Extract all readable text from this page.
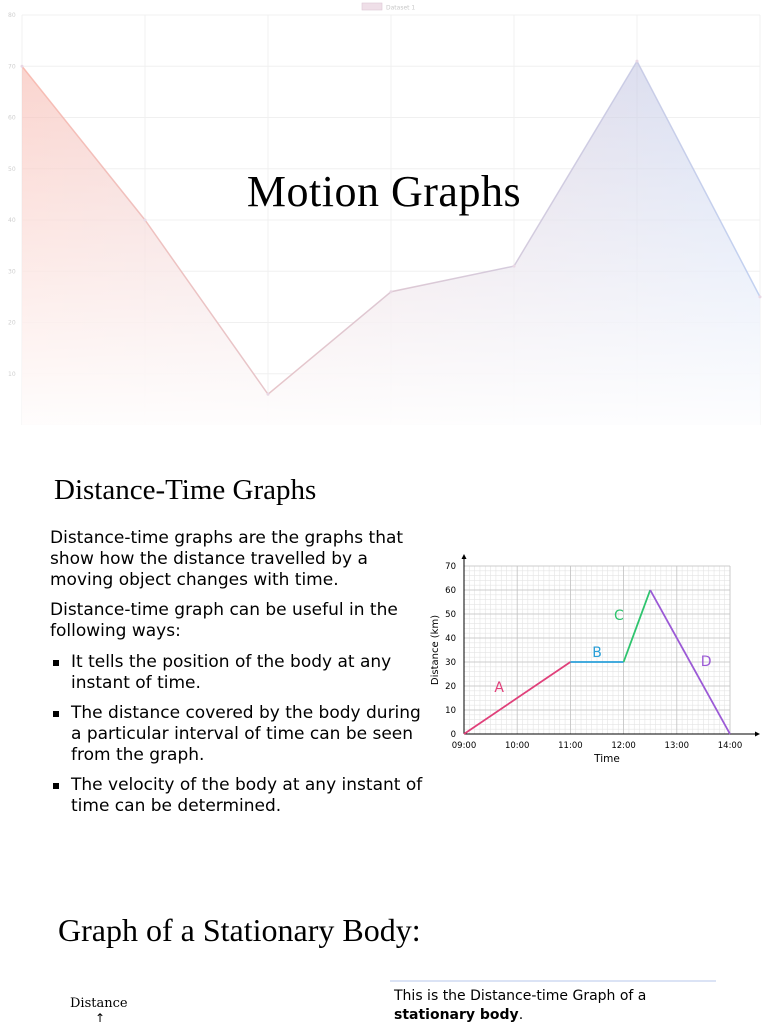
80
70
60
50
40
30
20
10
Dataset 1
Motion Graphs
Distance-Time Graphs
Distance-time graphs are the graphs that show how the distance travelled by a moving object changes with time.
Distance-time graph can be useful in the following ways:
It tells the position of the body at any instant of time.
The distance covered by the body during a particular interval of time can be seen from the graph.
The velocity of the body at any instant of time can be determined.
0
10
20
30
40
50
60
70
09:00	10:00	11:00	12:00	13:00	14:00
Time
Distance (km)
A
B
C
D
Graph of a Stationary Body:
This is the Distance-time Graph of a stationary body.
Distance
↑
